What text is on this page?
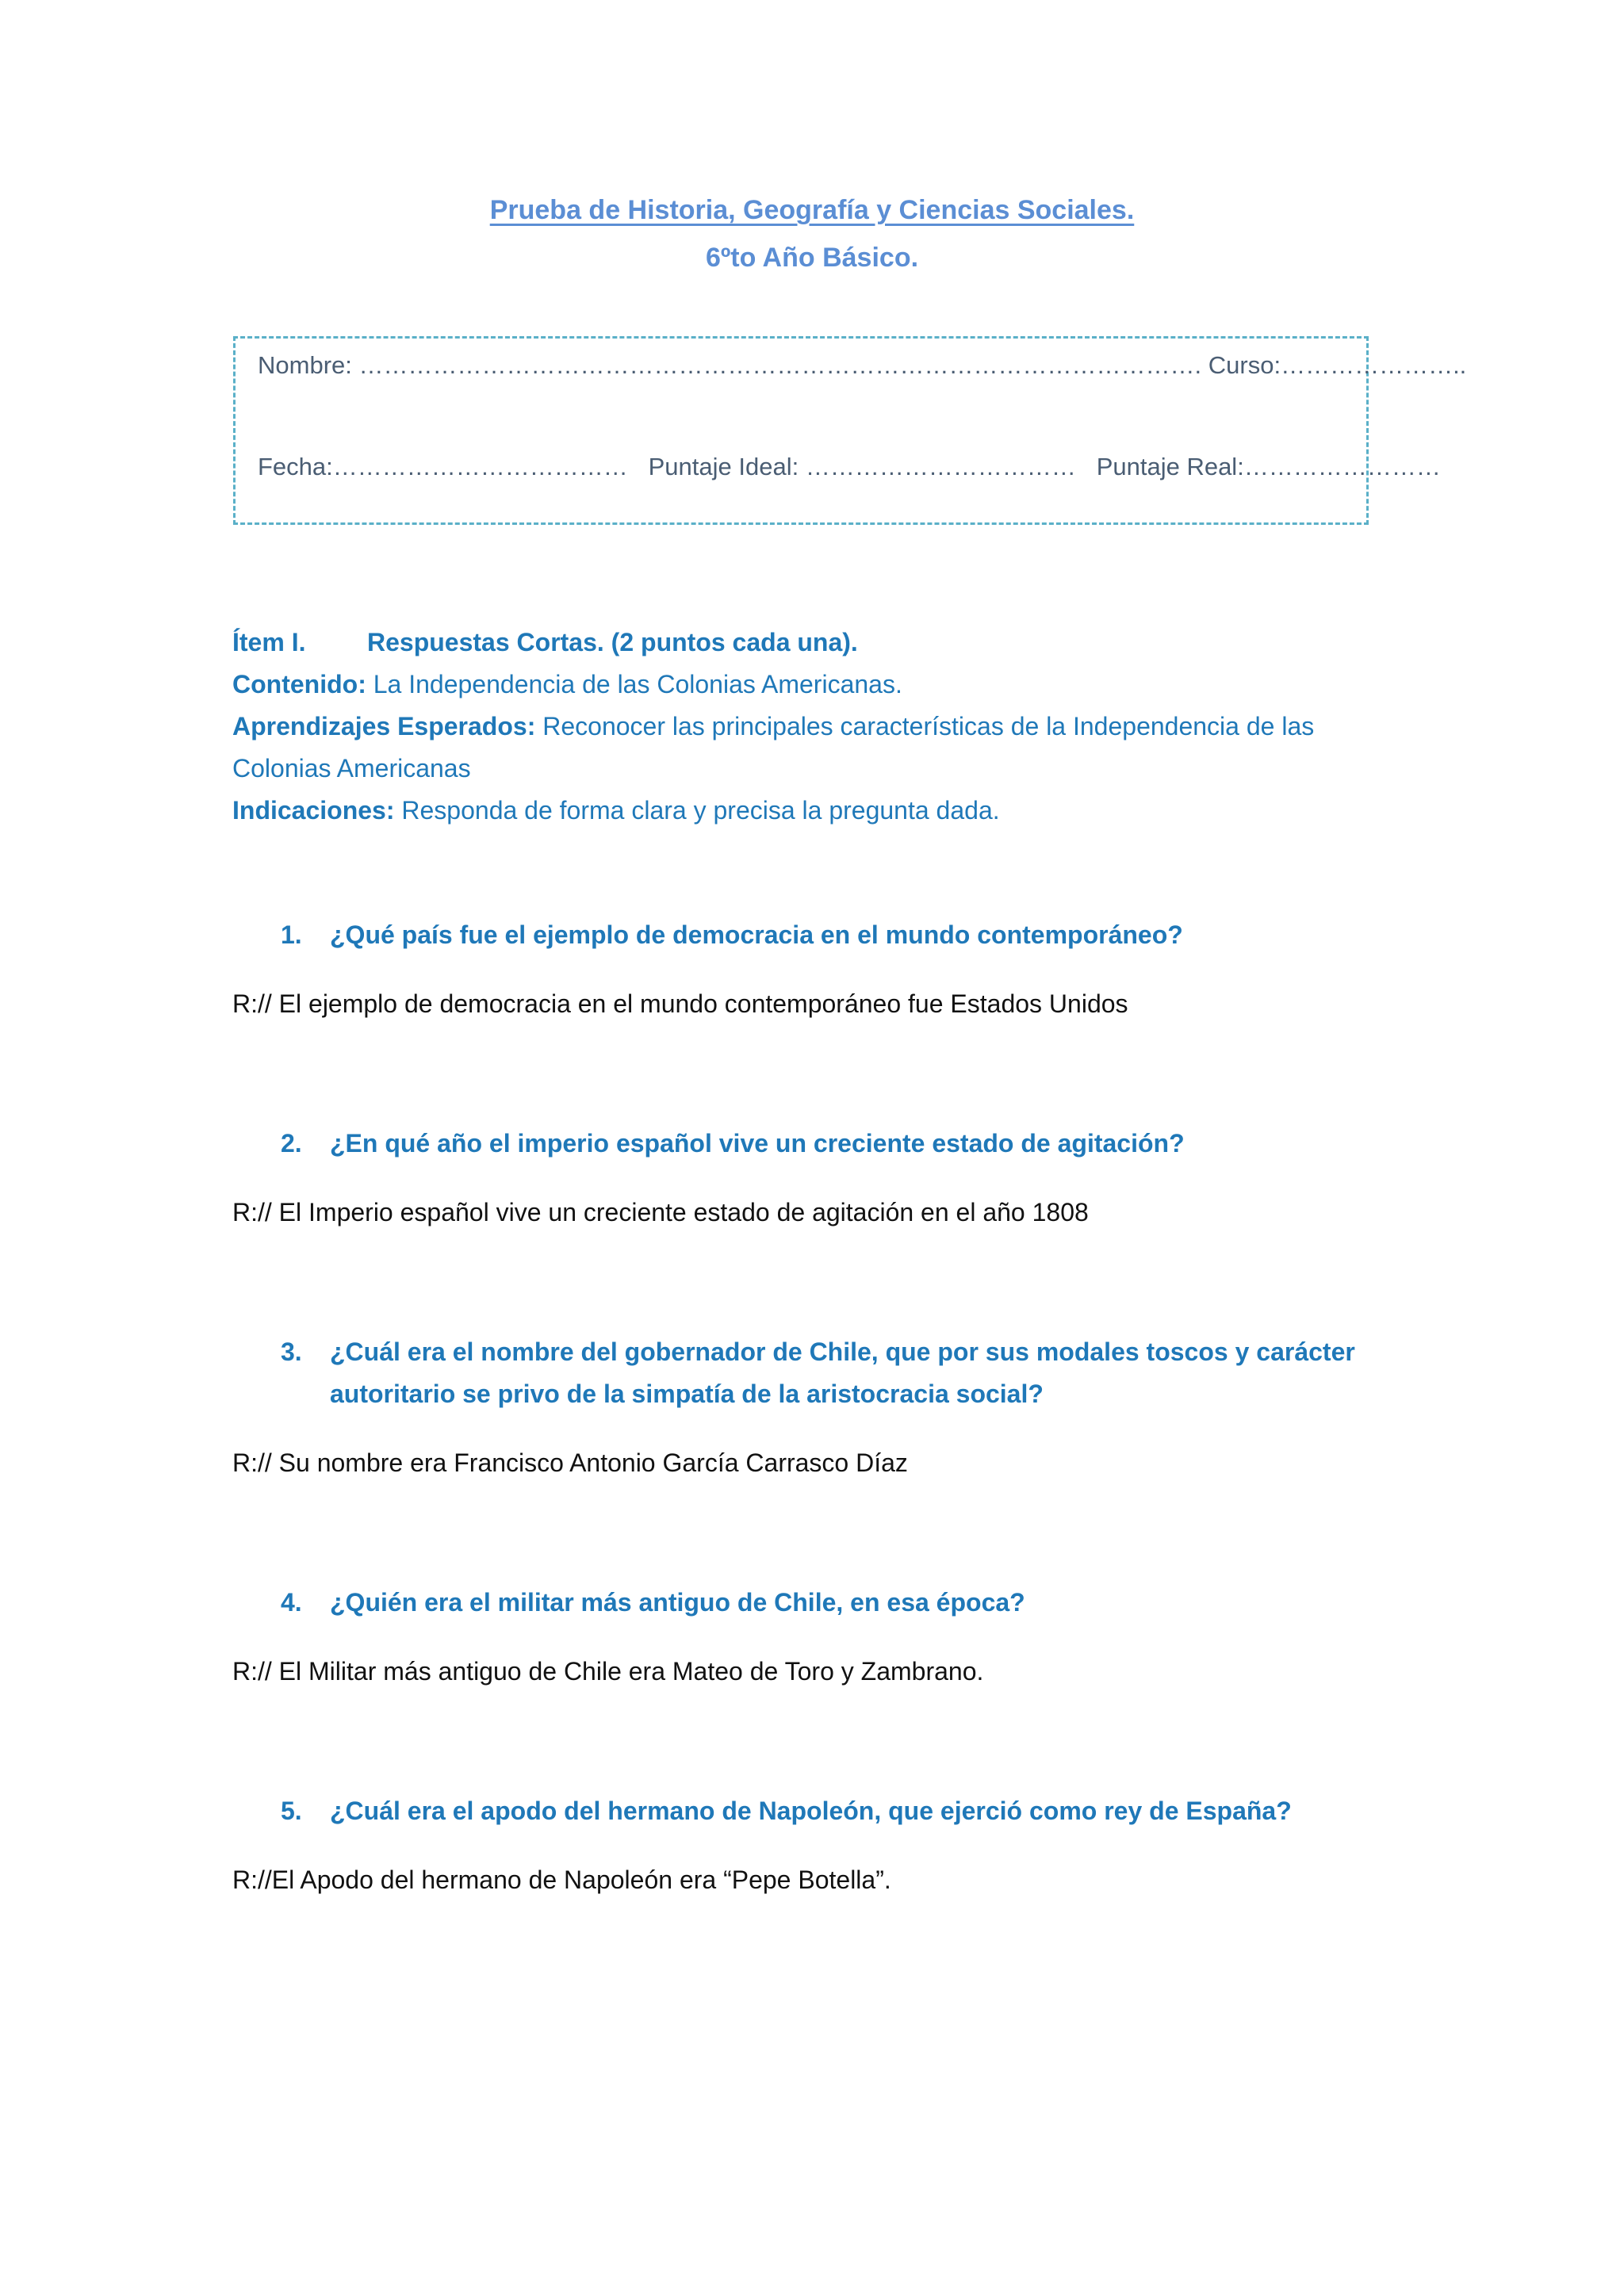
Prueba de Historia, Geografía y Ciencias Sociales.
6ºto Año Básico.
Nombre: …………………………………………………………………………………………. Curso:…………………..
Fecha:……………………………… Puntaje Ideal: …………………………… Puntaje Real:……………………
Ítem I. Respuestas Cortas. (2 puntos cada una).
Contenido: La Independencia de las Colonias Americanas.
Aprendizajes Esperados: Reconocer las principales características de la Independencia de las Colonias Americanas
Indicaciones: Responda de forma clara y precisa la pregunta dada.
1. ¿Qué país fue el ejemplo de democracia en el mundo contemporáneo?
R:// El ejemplo de democracia en el mundo contemporáneo fue Estados Unidos
2. ¿En qué año el imperio español vive un creciente estado de agitación?
R:// El Imperio español vive un creciente estado de agitación en el año 1808
3. ¿Cuál era el nombre del gobernador de Chile, que por sus modales toscos y carácter autoritario se privo de la simpatía de la aristocracia social?
R:// Su nombre era Francisco Antonio García Carrasco Díaz
4. ¿Quién era el militar más antiguo de Chile, en esa época?
R:// El Militar más antiguo de Chile era Mateo de Toro y Zambrano.
5. ¿Cuál era el apodo del hermano de Napoleón, que ejerció como rey de España?
R://El Apodo del hermano de Napoleón era “Pepe Botella”.
